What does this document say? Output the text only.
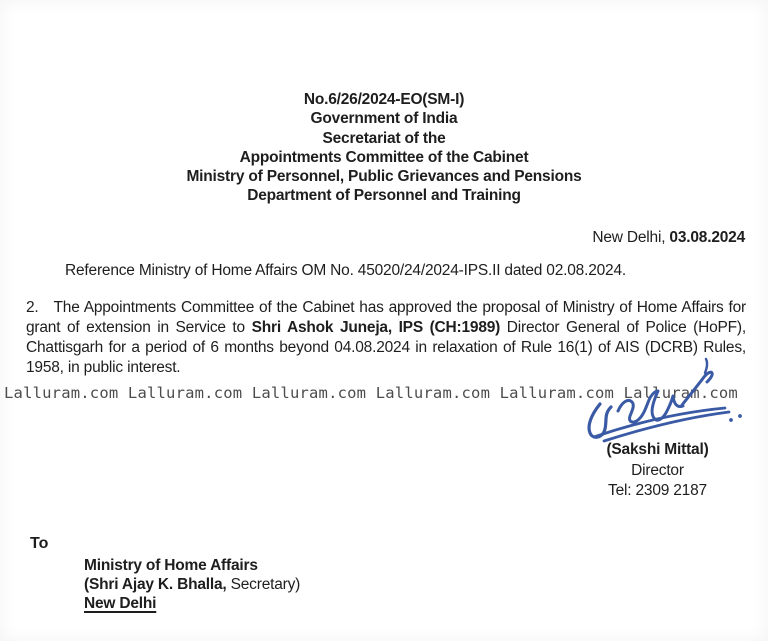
No.6/26/2024-EO(SM-I)
Government of India
Secretariat of the
Appointments Committee of the Cabinet
Ministry of Personnel, Public Grievances and Pensions
Department of Personnel and Training
New Delhi, 03.08.2024
Reference Ministry of Home Affairs OM No. 45020/24/2024-IPS.II dated 02.08.2024.
2. The Appointments Committee of the Cabinet has approved the proposal of Ministry of Home Affairs for grant of extension in Service to Shri Ashok Juneja, IPS (CH:1989) Director General of Police (HoPF), Chattisgarh for a period of 6 months beyond 04.08.2024 in relaxation of Rule 16(1) of AIS (DCRB) Rules, 1958, in public interest.
Lalluram.com Lalluram.com Lalluram.com Lalluram.com Lalluram.com Lalluram.com
(Sakshi Mittal)
Director
Tel: 2309 2187
To
Ministry of Home Affairs
(Shri Ajay K. Bhalla, Secretary)
New Delhi
